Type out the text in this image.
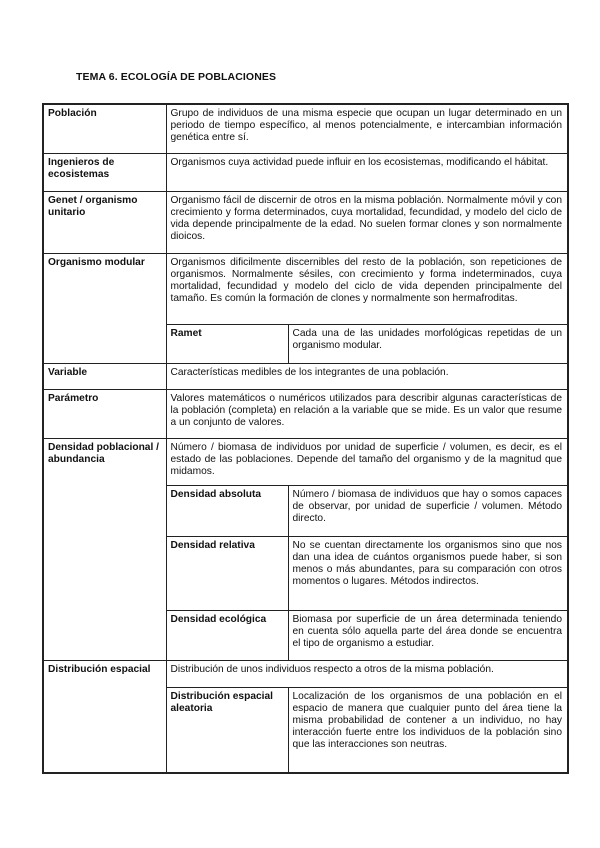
TEMA 6. ECOLOGÍA DE POBLACIONES
Población	Grupo de individuos de una misma especie que ocupan un lugar determinado en un periodo de tiempo específico, al menos potencialmente, e intercambian información genética entre sí.	
Ingenieros de ecosistemas	Organismos cuya actividad puede influir en los ecosistemas, modificando el hábitat.	
Genet / organismo unitario	Organismo fácil de discernir de otros en la misma población. Normalmente móvil y con crecimiento y forma determinados, cuya mortalidad, fecundidad, y modelo del ciclo de vida depende principalmente de la edad. No suelen formar clones y son normalmente dioicos.	
Organismo modular	Organismos dificilmente discernibles del resto de la población, son repeticiones de organismos. Normalmente sésiles, con crecimiento y forma indeterminados, cuya mortalidad, fecundidad y modelo del ciclo de vida dependen principalmente del tamaño. Es común la formación de clones y normalmente son hermafroditas.	
	Ramet	Cada una de las unidades morfológicas repetidas de un organismo modular.
Variable	Características medibles de los integrantes de una población.	
Parámetro	Valores matemáticos o numéricos utilizados para describir algunas características de la población (completa) en relación a la variable que se mide. Es un valor que resume a un conjunto de valores.	
Densidad poblacional / abundancia	Número / biomasa de individuos por unidad de superficie / volumen, es decir, es el estado de las poblaciones. Depende del tamaño del organismo y de la magnitud que midamos.	
	Densidad absoluta	Número / biomasa de individuos que hay o somos capaces de observar, por unidad de superficie / volumen. Método directo.
	Densidad relativa	No se cuentan directamente los organismos sino que nos dan una idea de cuántos organismos puede haber, si son menos o más abundantes, para su comparación con otros momentos o lugares. Métodos indirectos.
	Densidad ecológica	Biomasa por superficie de un área determinada teniendo en cuenta sólo aquella parte del área donde se encuentra el tipo de organismo a estudiar.
Distribución espacial	Distribución de unos individuos respecto a otros de la misma población.	
	Distribución espacial aleatoria	Localización de los organismos de una población en el espacio de manera que cualquier punto del área tiene la misma probabilidad de contener a un individuo, no hay interacción fuerte entre los individuos de la población sino que las interacciones son neutras.
